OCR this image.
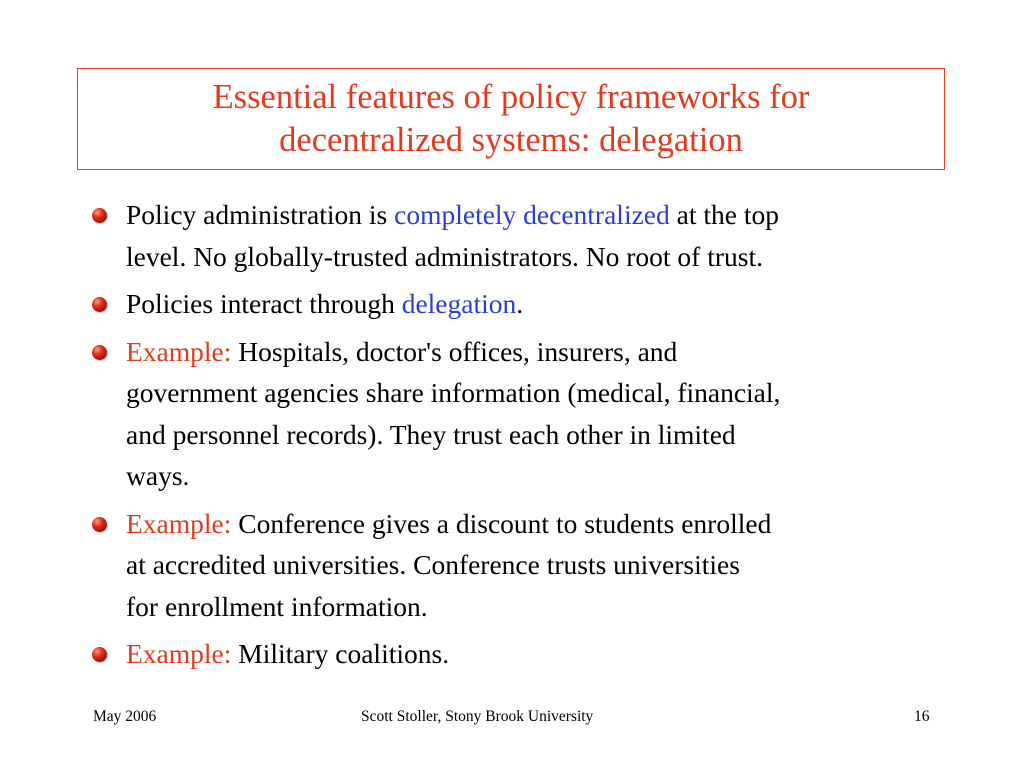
Essential features of policy frameworks for
decentralized systems: delegation
Policy administration is completely decentralized at the top
level. No globally-trusted administrators. No root of trust.
Policies interact through delegation.
Example: Hospitals, doctor's offices, insurers, and
government agencies share information (medical, financial,
and personnel records). They trust each other in limited
ways.
Example: Conference gives a discount to students enrolled
at accredited universities. Conference trusts universities
for enrollment information.
Example: Military coalitions.
May 2006	Scott Stoller, Stony Brook University	16
